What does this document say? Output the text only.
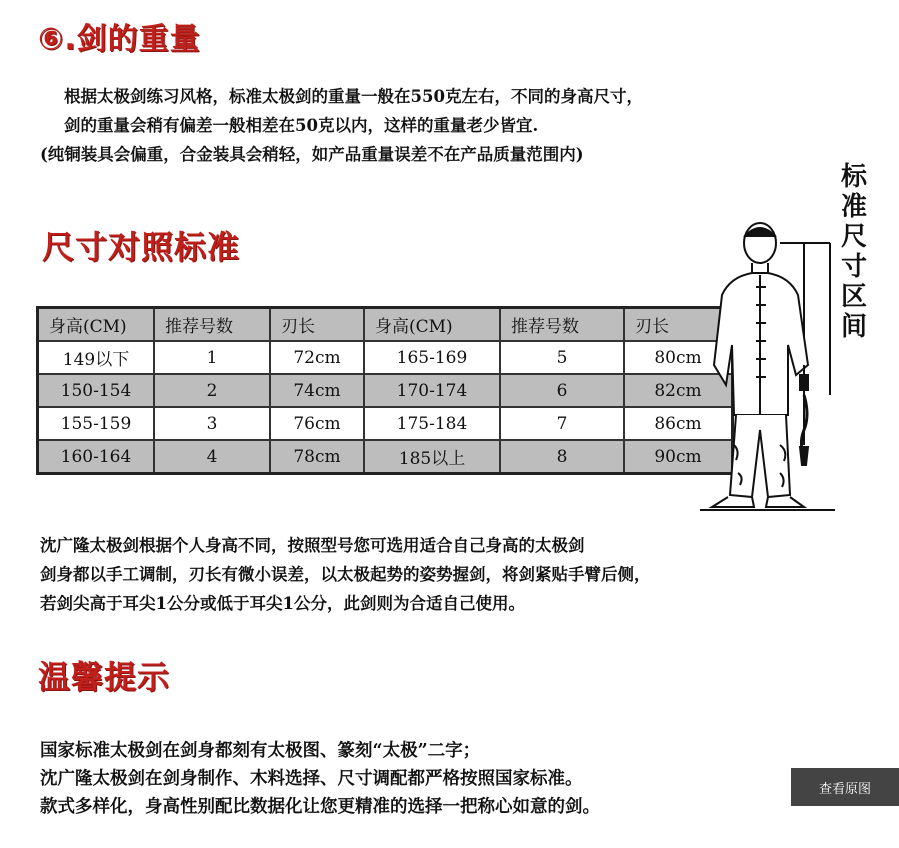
⑥.剑的重量
根据太极剑练习风格，标准太极剑的重量一般在550克左右，不同的身高尺寸，
剑的重量会稍有偏差一般相差在50克以内，这样的重量老少皆宜.
(纯铜装具会偏重，合金装具会稍轻，如产品重量误差不在产品质量范围内)
尺寸对照标准
身高(CM)	推荐号数	刃长	身高(CM)	推荐号数	刃长
149以下	1	72cm	165-169	5	80cm
150-154	2	74cm	170-174	6	82cm
155-159	3	76cm	175-184	7	86cm
160-164	4	78cm	185以上	8	90cm
标
准
尺
寸
区
间
沈广隆太极剑根据个人身高不同，按照型号您可选用适合自己身高的太极剑
剑身都以手工调制，刃长有微小误差，以太极起势的姿势握剑，将剑紧贴手臂后侧，
若剑尖高于耳尖1公分或低于耳尖1公分，此剑则为合适自己使用。
温馨提示
国家标准太极剑在剑身都刻有太极图、篆刻“太极”二字；
沈广隆太极剑在剑身制作、木料选择、尺寸调配都严格按照国家标准。
款式多样化，身高性别配比数据化让您更精准的选择一把称心如意的剑。
查看原图
